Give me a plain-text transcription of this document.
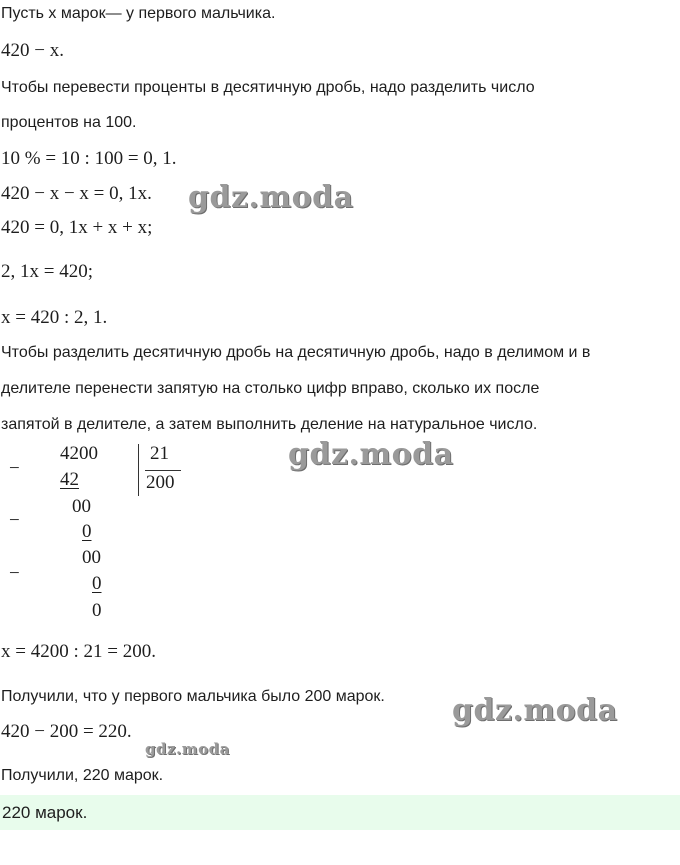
Пусть x марок— у первого мальчика.
420 − x.
Чтобы перевести проценты в десятичную дробь, надо разделить число
процентов на 100.
10 % = 10 : 100 = 0, 1.
420 − x − x = 0, 1x.
420 = 0, 1x + x + x;
2, 1x = 420;
x = 420 : 2, 1.
Чтобы разделить десятичную дробь на десятичную дробь, надо в делимом и в
делителе перенести запятую на столько цифр вправо, сколько их после
запятой в делителе, а затем выполнить деление на натуральное число.
−
4200
42
21
200
−
00
0
−
00
0
0
x = 4200 : 21 = 200.
Получили, что у первого мальчика было 200 марок.
420 − 200 = 220.
Получили, 220 марок.
220 марок.
gdz.moda
gdz.moda
gdz.moda
gdz.moda
